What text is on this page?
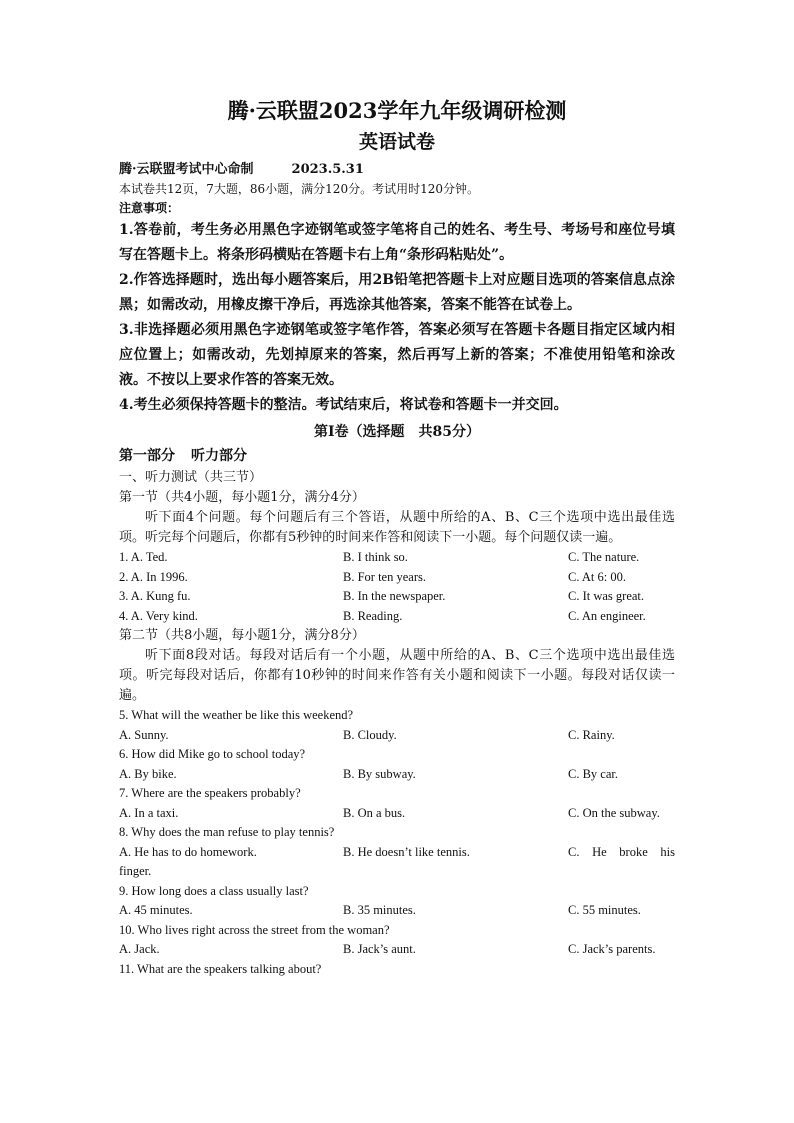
腾·云联盟2023学年九年级调研检测
英语试卷
腾·云联盟考试中心命制	2023.5.31
本试卷共12页，7大题，86小题，满分120分。考试用时120分钟。
注意事项：
1.答卷前，考生务必用黑色字迹钢笔或签字笔将自己的姓名、考生号、考场号和座位号填写在答题卡上。将条形码横贴在答题卡右上角“条形码粘贴处”。
2.作答选择题时，选出每小题答案后，用2B铅笔把答题卡上对应题目选项的答案信息点涂黑；如需改动，用橡皮擦干净后，再选涂其他答案，答案不能答在试卷上。
3.非选择题必须用黑色字迹钢笔或签字笔作答，答案必须写在答题卡各题目指定区域内相应位置上；如需改动，先划掉原来的答案，然后再写上新的答案；不准使用铅笔和涂改液。不按以上要求作答的答案无效。
4.考生必须保持答题卡的整洁。考试结束后，将试卷和答题卡一并交回。
第I卷（选择题　共85分）
第一部分 听力部分
一、听力测试（共三节）
第一节（共4小题，每小题1分，满分4分）
听下面4个问题。每个问题后有三个答语，从题中所给的A、B、C三个选项中选出最佳选项。听完每个问题后，你都有5秒钟的时间来作答和阅读下一小题。每个问题仅读一遍。
1. A. Ted.	B. I think so.	C. The nature.
2. A. In 1996.	B. For ten years.	C. At 6: 00.
3. A. Kung fu.	B. In the newspaper.	C. It was great.
4. A. Very kind.	B. Reading.	C. An engineer.
第二节（共8小题，每小题1分，满分8分）
听下面8段对话。每段对话后有一个小题，从题中所给的A、B、C三个选项中选出最佳选项。听完每段对话后，你都有10秒钟的时间来作答有关小题和阅读下一小题。每段对话仅读一遍。
5. What will the weather be like this weekend?
A. Sunny.	B. Cloudy.	C. Rainy.
6. How did Mike go to school today?
A. By bike.	B. By subway.	C. By car.
7. Where are the speakers probably?
A. In a taxi.	B. On a bus.	C. On the subway.
8. Why does the man refuse to play tennis?
A. He has to do homework.	B. He doesn’t like tennis.	C. He broke his
finger.
9. How long does a class usually last?
A. 45 minutes.	B. 35 minutes.	C. 55 minutes.
10. Who lives right across the street from the woman?
A. Jack.	B. Jack’s aunt.	C. Jack’s parents.
11. What are the speakers talking about?
